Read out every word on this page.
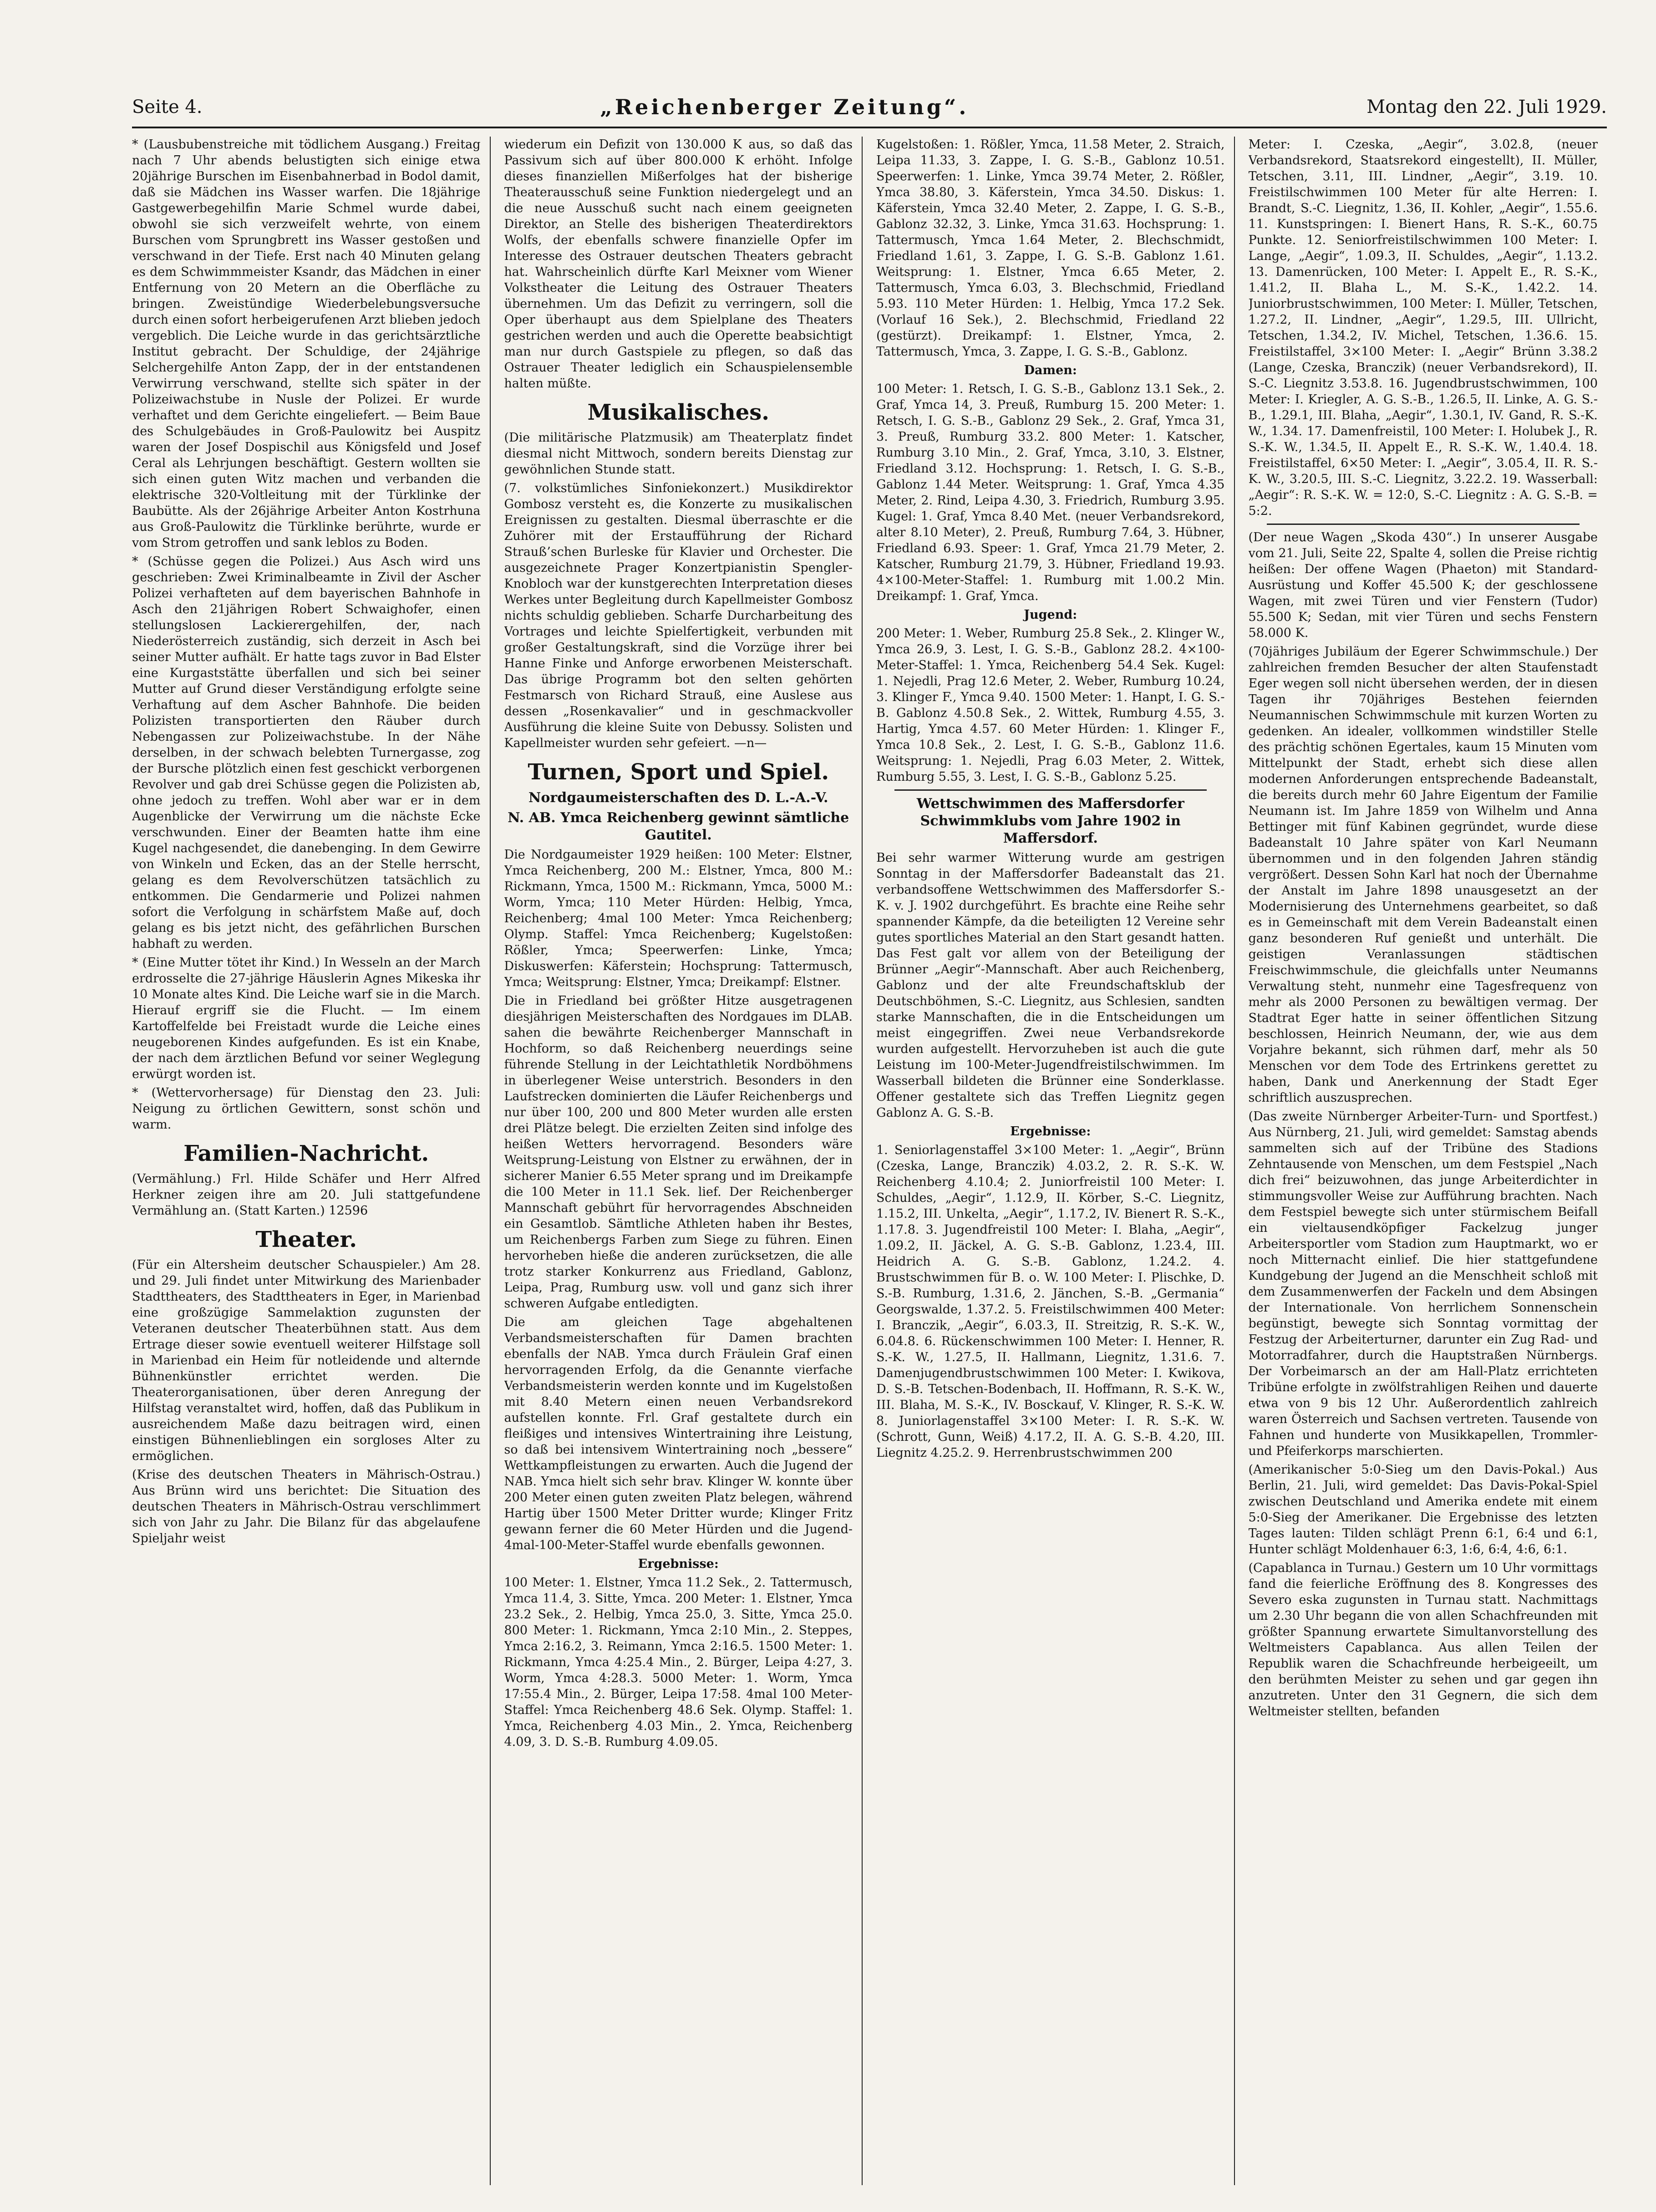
Seite 4.	„Reichenberger Zeitung“.	Montag den 22. Juli 1929.

* (Lausbubenstreiche mit tödlichem Ausgang.) Freitag nach 7 Uhr abends belustigten sich einige etwa 20jährige Burschen im Eisenbahnerbad in Bodol damit, daß sie Mädchen ins Wasser warfen. Die 18jährige Gastgewerbegehilfin Marie Schmel wurde dabei, obwohl sie sich verzweifelt wehrte, von einem Burschen vom Sprungbrett ins Wasser gestoßen und verschwand in der Tiefe. Erst nach 40 Minuten gelang es dem Schwimmmeister Ksandr, das Mädchen in einer Entfernung von 20 Metern an die Oberfläche zu bringen. Zweistündige Wiederbelebungsversuche durch einen sofort herbeigerufenen Arzt blieben jedoch vergeblich. Die Leiche wurde in das gerichtsärztliche Institut gebracht. Der Schuldige, der 24jährige Selchergehilfe Anton Zapp, der in der entstandenen Verwirrung verschwand, stellte sich später in der Polizeiwachstube in Nusle der Polizei. Er wurde verhaftet und dem Gerichte eingeliefert. — Beim Baue des Schulgebäudes in Groß-Paulowitz bei Auspitz waren der Josef Dospischil aus Königsfeld und Josef Ceral als Lehrjungen beschäftigt. Gestern wollten sie sich einen guten Witz machen und verbanden die elektrische 320-Voltleitung mit der Türklinke der Baubütte. Als der 26jährige Arbeiter Anton Kostrhuna aus Groß-Paulowitz die Türklinke berührte, wurde er vom Strom getroffen und sank leblos zu Boden.

* (Schüsse gegen die Polizei.) Aus Asch wird uns geschrieben: Zwei Kriminalbeamte in Zivil der Ascher Polizei verhafteten auf dem bayerischen Bahnhofe in Asch den 21jährigen Robert Schwaighofer, einen stellungslosen Lackierergehilfen, der, nach Niederösterreich zuständig, sich derzeit in Asch bei seiner Mutter aufhält. Er hatte tags zuvor in Bad Elster eine Kurgaststätte überfallen und sich bei seiner Mutter auf Grund dieser Verständigung erfolgte seine Verhaftung auf dem Ascher Bahnhofe. Die beiden Polizisten transportierten den Räuber durch Nebengassen zur Polizeiwachstube. In der Nähe derselben, in der schwach belebten Turnergasse, zog der Bursche plötzlich einen fest geschickt verborgenen Revolver und gab drei Schüsse gegen die Polizisten ab, ohne jedoch zu treffen. Wohl aber war er in dem Augenblicke der Verwirrung um die nächste Ecke verschwunden. Einer der Beamten hatte ihm eine Kugel nachgesendet, die danebenging. In dem Gewirre von Winkeln und Ecken, das an der Stelle herrscht, gelang es dem Revolverschützen tatsächlich zu entkommen. Die Gendarmerie und Polizei nahmen sofort die Verfolgung in schärfstem Maße auf, doch gelang es bis jetzt nicht, des gefährlichen Burschen habhaft zu werden.

* (Eine Mutter tötet ihr Kind.) In Wesseln an der March erdrosselte die 27-jährige Häuslerin Agnes Mikeska ihr 10 Monate altes Kind. Die Leiche warf sie in die March. Hierauf ergriff sie die Flucht. — Im einem Kartoffelfelde bei Freistadt wurde die Leiche eines neugeborenen Kindes aufgefunden. Es ist ein Knabe, der nach dem ärztlichen Befund vor seiner Weglegung erwürgt worden ist.

* (Wettervorhersage) für Dienstag den 23. Juli: Neigung zu örtlichen Gewittern, sonst schön und warm.

Familien-Nachricht.

(Vermählung.) Frl. Hilde Schäfer und Herr Alfred Herkner zeigen ihre am 20. Juli stattgefundene Vermählung an. (Statt Karten.) 12596

Theater.

(Für ein Altersheim deutscher Schauspieler.) Am 28. und 29. Juli findet unter Mitwirkung des Marienbader Stadttheaters, des Stadttheaters in Eger, in Marienbad eine großzügige Sammelaktion zugunsten der Veteranen deutscher Theaterbühnen statt. Aus dem Ertrage dieser sowie eventuell weiterer Hilfstage soll in Marienbad ein Heim für notleidende und alternde Bühnenkünstler errichtet werden. Die Theaterorganisationen, über deren Anregung der Hilfstag veranstaltet wird, hoffen, daß das Publikum in ausreichendem Maße dazu beitragen wird, einen einstigen Bühnenlieblingen ein sorgloses Alter zu ermöglichen.

(Krise des deutschen Theaters in Mährisch-Ostrau.) Aus Brünn wird uns berichtet: Die Situation des deutschen Theaters in Mährisch-Ostrau verschlimmert sich von Jahr zu Jahr. Die Bilanz für das abgelaufene Spieljahr weist

wiederum ein Defizit von 130.000 K aus, so daß das Passivum sich auf über 800.000 K erhöht. Infolge dieses finanziellen Mißerfolges hat der bisherige Theaterausschuß seine Funktion niedergelegt und an die neue Ausschuß sucht nach einem geeigneten Direktor, an Stelle des bisherigen Theaterdirektors Wolfs, der ebenfalls schwere finanzielle Opfer im Interesse des Ostrauer deutschen Theaters gebracht hat. Wahrscheinlich dürfte Karl Meixner vom Wiener Volkstheater die Leitung des Ostrauer Theaters übernehmen. Um das Defizit zu verringern, soll die Oper überhaupt aus dem Spielplane des Theaters gestrichen werden und auch die Operette beabsichtigt man nur durch Gastspiele zu pflegen, so daß das Ostrauer Theater lediglich ein Schauspielensemble halten müßte.

Musikalisches.

(Die militärische Platzmusik) am Theaterplatz findet diesmal nicht Mittwoch, sondern bereits Dienstag zur gewöhnlichen Stunde statt.

(7. volkstümliches Sinfoniekonzert.) Musikdirektor Gombosz versteht es, die Konzerte zu musikalischen Ereignissen zu gestalten. Diesmal überraschte er die Zuhörer mit der Erstaufführung der Richard Strauß’schen Burleske für Klavier und Orchester. Die ausgezeichnete Prager Konzertpianistin Spengler-Knobloch war der kunstgerechten Interpretation dieses Werkes unter Begleitung durch Kapellmeister Gombosz nichts schuldig geblieben. Scharfe Durcharbeitung des Vortrages und leichte Spielfertigkeit, verbunden mit großer Gestaltungskraft, sind die Vorzüge ihrer bei Hanne Finke und Anforge erworbenen Meisterschaft. Das übrige Programm bot den selten gehörten Festmarsch von Richard Strauß, eine Auslese aus dessen „Rosenkavalier“ und in geschmackvoller Ausführung die kleine Suite von Debussy. Solisten und Kapellmeister wurden sehr gefeiert. —n—

Turnen, Sport und Spiel.
Nordgaumeisterschaften des D. L.-A.-V.
N. AB. Ymca Reichenberg gewinnt sämtliche Gautitel.

Die Nordgaumeister 1929 heißen: 100 Meter: Elstner, Ymca Reichenberg, 200 M.: Elstner, Ymca, 800 M.: Rickmann, Ymca, 1500 M.: Rickmann, Ymca, 5000 M.: Worm, Ymca; 110 Meter Hürden: Helbig, Ymca, Reichenberg; 4mal 100 Meter: Ymca Reichenberg; Olymp. Staffel: Ymca Reichenberg; Kugelstoßen: Rößler, Ymca; Speerwerfen: Linke, Ymca; Diskuswerfen: Käferstein; Hochsprung: Tattermusch, Ymca; Weitsprung: Elstner, Ymca; Dreikampf: Elstner.

Die in Friedland bei größter Hitze ausgetragenen diesjährigen Meisterschaften des Nordgaues im DLAB. sahen die bewährte Reichenberger Mannschaft in Hochform, so daß Reichenberg neuerdings seine führende Stellung in der Leichtathletik Nordböhmens in überlegener Weise unterstrich. Besonders in den Laufstrecken dominierten die Läufer Reichenbergs und nur über 100, 200 und 800 Meter wurden alle ersten drei Plätze belegt. Die erzielten Zeiten sind infolge des heißen Wetters hervorragend. Besonders wäre Weitsprung-Leistung von Elstner zu erwähnen, der in sicherer Manier 6.55 Meter sprang und im Dreikampfe die 100 Meter in 11.1 Sek. lief. Der Reichenberger Mannschaft gebührt für hervorragendes Abschneiden ein Gesamtlob. Sämtliche Athleten haben ihr Bestes, um Reichenbergs Farben zum Siege zu führen. Einen hervorheben hieße die anderen zurücksetzen, die alle trotz starker Konkurrenz aus Friedland, Gablonz, Leipa, Prag, Rumburg usw. voll und ganz sich ihrer schweren Aufgabe entledigten.

Die am gleichen Tage abgehaltenen Verbandsmeisterschaften für Damen brachten ebenfalls der NAB. Ymca durch Fräulein Graf einen hervorragenden Erfolg, da die Genannte vierfache Verbandsmeisterin werden konnte und im Kugelstoßen mit 8.40 Metern einen neuen Verbandsrekord aufstellen konnte. Frl. Graf gestaltete durch ein fleißiges und intensives Wintertraining ihre Leistung, so daß bei intensivem Wintertraining noch „bessere“ Wettkampfleistungen zu erwarten. Auch die Jugend der NAB. Ymca hielt sich sehr brav. Klinger W. konnte über 200 Meter einen guten zweiten Platz belegen, während Hartig über 1500 Meter Dritter wurde; Klinger Fritz gewann ferner die 60 Meter Hürden und die Jugend-4mal-100-Meter-Staffel wurde ebenfalls gewonnen.

Ergebnisse:

100 Meter: 1. Elstner, Ymca 11.2 Sek., 2. Tattermusch, Ymca 11.4, 3. Sitte, Ymca. 200 Meter: 1. Elstner, Ymca 23.2 Sek., 2. Helbig, Ymca 25.0, 3. Sitte, Ymca 25.0. 800 Meter: 1. Rickmann, Ymca 2:10 Min., 2. Steppes, Ymca 2:16.2, 3. Reimann, Ymca 2:16.5. 1500 Meter: 1. Rickmann, Ymca 4:25.4 Min., 2. Bürger, Leipa 4:27, 3. Worm, Ymca 4:28.3. 5000 Meter: 1. Worm, Ymca 17:55.4 Min., 2. Bürger, Leipa 17:58. 4mal 100 Meter-Staffel: Ymca Reichenberg 48.6 Sek. Olymp. Staffel: 1. Ymca, Reichenberg 4.03 Min., 2. Ymca, Reichenberg 4.09, 3. D. S.-B. Rumburg 4.09.05.

Kugelstoßen: 1. Rößler, Ymca, 11.58 Meter, 2. Straich, Leipa 11.33, 3. Zappe, I. G. S.-B., Gablonz 10.51. Speerwerfen: 1. Linke, Ymca 39.74 Meter, 2. Rößler, Ymca 38.80, 3. Käferstein, Ymca 34.50. Diskus: 1. Käferstein, Ymca 32.40 Meter, 2. Zappe, I. G. S.-B., Gablonz 32.32, 3. Linke, Ymca 31.63. Hochsprung: 1. Tattermusch, Ymca 1.64 Meter, 2. Blechschmidt, Friedland 1.61, 3. Zappe, I. G. S.-B. Gablonz 1.61. Weitsprung: 1. Elstner, Ymca 6.65 Meter, 2. Tattermusch, Ymca 6.03, 3. Blechschmid, Friedland 5.93. 110 Meter Hürden: 1. Helbig, Ymca 17.2 Sek. (Vorlauf 16 Sek.), 2. Blechschmid, Friedland 22 (gestürzt). Dreikampf: 1. Elstner, Ymca, 2. Tattermusch, Ymca, 3. Zappe, I. G. S.-B., Gablonz.

Damen:

100 Meter: 1. Retsch, I. G. S.-B., Gablonz 13.1 Sek., 2. Graf, Ymca 14, 3. Preuß, Rumburg 15. 200 Meter: 1. Retsch, I. G. S.-B., Gablonz 29 Sek., 2. Graf, Ymca 31, 3. Preuß, Rumburg 33.2. 800 Meter: 1. Katscher, Rumburg 3.10 Min., 2. Graf, Ymca, 3.10, 3. Elstner, Friedland 3.12. Hochsprung: 1. Retsch, I. G. S.-B., Gablonz 1.44 Meter. Weitsprung: 1. Graf, Ymca 4.35 Meter, 2. Rind, Leipa 4.30, 3. Friedrich, Rumburg 3.95. Kugel: 1. Graf, Ymca 8.40 Met. (neuer Verbandsrekord, alter 8.10 Meter), 2. Preuß, Rumburg 7.64, 3. Hübner, Friedland 6.93. Speer: 1. Graf, Ymca 21.79 Meter, 2. Katscher, Rumburg 21.79, 3. Hübner, Friedland 19.93. 4×100-Meter-Staffel: 1. Rumburg mit 1.00.2 Min. Dreikampf: 1. Graf, Ymca.

Jugend:

200 Meter: 1. Weber, Rumburg 25.8 Sek., 2. Klinger W., Ymca 26.9, 3. Lest, I. G. S.-B., Gablonz 28.2. 4×100-Meter-Staffel: 1. Ymca, Reichenberg 54.4 Sek. Kugel: 1. Nejedli, Prag 12.6 Meter, 2. Weber, Rumburg 10.24, 3. Klinger F., Ymca 9.40. 1500 Meter: 1. Hanpt, I. G. S.-B. Gablonz 4.50.8 Sek., 2. Wittek, Rumburg 4.55, 3. Hartig, Ymca 4.57. 60 Meter Hürden: 1. Klinger F., Ymca 10.8 Sek., 2. Lest, I. G. S.-B., Gablonz 11.6. Weitsprung: 1. Nejedli, Prag 6.03 Meter, 2. Wittek, Rumburg 5.55, 3. Lest, I. G. S.-B., Gablonz 5.25.

Wettschwimmen des Maffersdorfer Schwimmklubs vom Jahre 1902 in Maffersdorf.

Bei sehr warmer Witterung wurde am gestrigen Sonntag in der Maffersdorfer Badeanstalt das 21. verbandsoffene Wettschwimmen des Maffersdorfer S.-K. v. J. 1902 durchgeführt. Es brachte eine Reihe sehr spannender Kämpfe, da die beteiligten 12 Vereine sehr gutes sportliches Material an den Start gesandt hatten. Das Fest galt vor allem von der Beteiligung der Brünner „Aegir“-Mannschaft. Aber auch Reichenberg, Gablonz und der alte Freundschaftsklub der Deutschböhmen, S.-C. Liegnitz, aus Schlesien, sandten starke Mannschaften, die in die Entscheidungen um meist eingegriffen. Zwei neue Verbandsrekorde wurden aufgestellt. Hervorzuheben ist auch die gute Leistung im 100-Meter-Jugendfreistilschwimmen. Im Wasserball bildeten die Brünner eine Sonderklasse. Offener gestaltete sich das Treffen Liegnitz gegen Gablonz A. G. S.-B.

Ergebnisse:

1. Seniorlagenstaffel 3×100 Meter: 1. „Aegir“, Brünn (Czeska, Lange, Branczik) 4.03.2, 2. R. S.-K. W. Reichenberg 4.10.4; 2. Juniorfreistil 100 Meter: I. Schuldes, „Aegir“, 1.12.9, II. Körber, S.-C. Liegnitz, 1.15.2, III. Unkelta, „Aegir“, 1.17.2, IV. Bienert R. S.-K., 1.17.8. 3. Jugendfreistil 100 Meter: I. Blaha, „Aegir“, 1.09.2, II. Jäckel, A. G. S.-B. Gablonz, 1.23.4, III. Heidrich A. G. S.-B. Gablonz, 1.24.2. 4. Brustschwimmen für B. o. W. 100 Meter: I. Plischke, D. S.-B. Rumburg, 1.31.6, 2. Jänchen, S.-B. „Germania“ Georgswalde, 1.37.2. 5. Freistilschwimmen 400 Meter: I. Branczik, „Aegir“, 6.03.3, II. Streitzig, R. S.-K. W., 6.04.8. 6. Rückenschwimmen 100 Meter: I. Henner, R. S.-K. W., 1.27.5, II. Hallmann, Liegnitz, 1.31.6. 7. Damenjugendbrustschwimmen 100 Meter: I. Kwikova, D. S.-B. Tetschen-Bodenbach, II. Hoffmann, R. S.-K. W., III. Blaha, M. S.-K., IV. Bosckauf, V. Klinger, R. S.-K. W. 8. Juniorlagenstaffel 3×100 Meter: I. R. S.-K. W. (Schrott, Gunn, Weiß) 4.17.2, II. A. G. S.-B. 4.20, III. Liegnitz 4.25.2. 9. Herrenbrustschwimmen 200

Meter: I. Czeska, „Aegir“, 3.02.8, (neuer Verbandsrekord, Staatsrekord eingestellt), II. Müller, Tetschen, 3.11, III. Lindner, „Aegir“, 3.19. 10. Freistilschwimmen 100 Meter für alte Herren: I. Brandt, S.-C. Liegnitz, 1.36, II. Kohler, „Aegir“, 1.55.6. 11. Kunstspringen: I. Bienert Hans, R. S.-K., 60.75 Punkte. 12. Seniorfreistilschwimmen 100 Meter: I. Lange, „Aegir“, 1.09.3, II. Schuldes, „Aegir“, 1.13.2. 13. Damenrücken, 100 Meter: I. Appelt E., R. S.-K., 1.41.2, II. Blaha L., M. S.-K., 1.42.2. 14. Juniorbrustschwimmen, 100 Meter: I. Müller, Tetschen, 1.27.2, II. Lindner, „Aegir“, 1.29.5, III. Ullricht, Tetschen, 1.34.2, IV. Michel, Tetschen, 1.36.6. 15. Freistilstaffel, 3×100 Meter: I. „Aegir“ Brünn 3.38.2 (Lange, Czeska, Branczik) (neuer Verbandsrekord), II. S.-C. Liegnitz 3.53.8. 16. Jugendbrustschwimmen, 100 Meter: I. Kriegler, A. G. S.-B., 1.26.5, II. Linke, A. G. S.-B., 1.29.1, III. Blaha, „Aegir“, 1.30.1, IV. Gand, R. S.-K. W., 1.34. 17. Damenfreistil, 100 Meter: I. Holubek J., R. S.-K. W., 1.34.5, II. Appelt E., R. S.-K. W., 1.40.4. 18. Freistilstaffel, 6×50 Meter: I. „Aegir“, 3.05.4, II. R. S.-K. W., 3.20.5, III. S.-C. Liegnitz, 3.22.2. 19. Wasserball: „Aegir“: R. S.-K. W. = 12:0, S.-C. Liegnitz : A. G. S.-B. = 5:2.

(Der neue Wagen „Skoda 430“.) In unserer Ausgabe vom 21. Juli, Seite 22, Spalte 4, sollen die Preise richtig heißen: Der offene Wagen (Phaeton) mit Standard-Ausrüstung und Koffer 45.500 K; der geschlossene Wagen, mit zwei Türen und vier Fenstern (Tudor) 55.500 K; Sedan, mit vier Türen und sechs Fenstern 58.000 K.

(70jähriges Jubiläum der Egerer Schwimmschule.) Der zahlreichen fremden Besucher der alten Staufenstadt Eger wegen soll nicht übersehen werden, der in diesen Tagen ihr 70jähriges Bestehen feiernden Neumannischen Schwimmschule mit kurzen Worten zu gedenken. An idealer, vollkommen windstiller Stelle des prächtig schönen Egertales, kaum 15 Minuten vom Mittelpunkt der Stadt, erhebt sich diese allen modernen Anforderungen entsprechende Badeanstalt, die bereits durch mehr 60 Jahre Eigentum der Familie Neumann ist. Im Jahre 1859 von Wilhelm und Anna Bettinger mit fünf Kabinen gegründet, wurde diese Badeanstalt 10 Jahre später von Karl Neumann übernommen und in den folgenden Jahren ständig vergrößert. Dessen Sohn Karl hat noch der Übernahme der Anstalt im Jahre 1898 unausgesetzt an der Modernisierung des Unternehmens gearbeitet, so daß es in Gemeinschaft mit dem Verein Badeanstalt einen ganz besonderen Ruf genießt und unterhält. Die geistigen Veranlassungen städtischen Freischwimmschule, die gleichfalls unter Neumanns Verwaltung steht, nunmehr eine Tagesfrequenz von mehr als 2000 Personen zu bewältigen vermag. Der Stadtrat Eger hatte in seiner öffentlichen Sitzung beschlossen, Heinrich Neumann, der, wie aus dem Vorjahre bekannt, sich rühmen darf, mehr als 50 Menschen vor dem Tode des Ertrinkens gerettet zu haben, Dank und Anerkennung der Stadt Eger schriftlich auszusprechen.

(Das zweite Nürnberger Arbeiter-Turn- und Sportfest.) Aus Nürnberg, 21. Juli, wird gemeldet: Samstag abends sammelten sich auf der Tribüne des Stadions Zehntausende von Menschen, um dem Festspiel „Nach dich frei“ beizuwohnen, das junge Arbeiterdichter in stimmungsvoller Weise zur Aufführung brachten. Nach dem Festspiel bewegte sich unter stürmischem Beifall ein vieltausendköpfiger Fackelzug junger Arbeitersportler vom Stadion zum Hauptmarkt, wo er noch Mitternacht einlief. Die hier stattgefundene Kundgebung der Jugend an die Menschheit schloß mit dem Zusammenwerfen der Fackeln und dem Absingen der Internationale. Von herrlichem Sonnenschein begünstigt, bewegte sich Sonntag vormittag der Festzug der Arbeiterturner, darunter ein Zug Rad- und Motorradfahrer, durch die Hauptstraßen Nürnbergs. Der Vorbeimarsch an der am Hall-Platz errichteten Tribüne erfolgte in zwölfstrahligen Reihen und dauerte etwa von 9 bis 12 Uhr. Außerordentlich zahlreich waren Österreich und Sachsen vertreten. Tausende von Fahnen und hunderte von Musikkapellen, Trommler- und Pfeiferkorps marschierten.

(Amerikanischer 5:0-Sieg um den Davis-Pokal.) Aus Berlin, 21. Juli, wird gemeldet: Das Davis-Pokal-Spiel zwischen Deutschland und Amerika endete mit einem 5:0-Sieg der Amerikaner. Die Ergebnisse des letzten Tages lauten: Tilden schlägt Prenn 6:1, 6:4 und 6:1, Hunter schlägt Moldenhauer 6:3, 1:6, 6:4, 4:6, 6:1.

(Capablanca in Turnau.) Gestern um 10 Uhr vormittags fand die feierliche Eröffnung des 8. Kongresses des Severo eska zugunsten in Turnau statt. Nachmittags um 2.30 Uhr begann die von allen Schachfreunden mit größter Spannung erwartete Simultanvorstellung des Weltmeisters Capablanca. Aus allen Teilen der Republik waren die Schachfreunde herbeigeeilt, um den berühmten Meister zu sehen und gar gegen ihn anzutreten. Unter den 31 Gegnern, die sich dem Weltmeister stellten, befanden
